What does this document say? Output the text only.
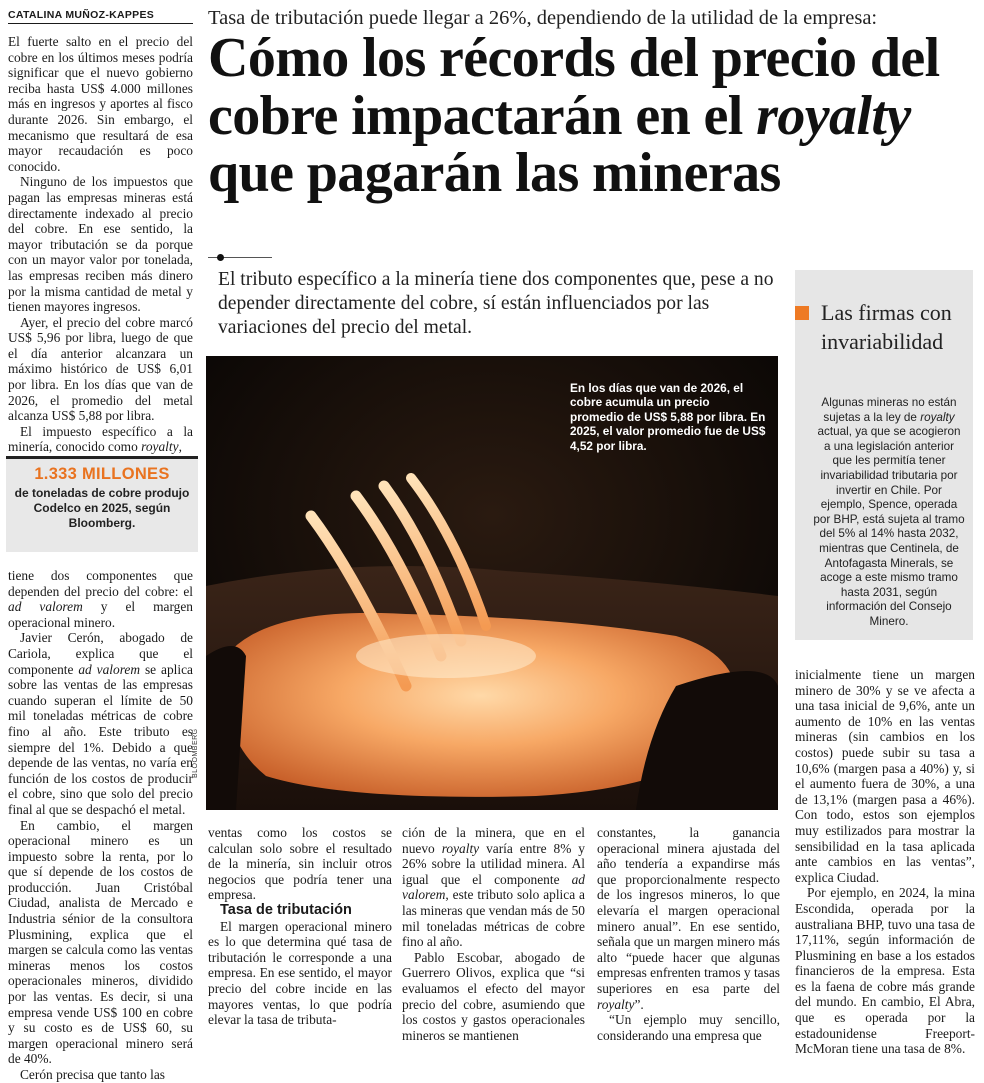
CATALINA MUÑOZ-KAPPES	Tasa de tributación puede llegar a 26%, dependiendo de la utilidad de la empresa:
Cómo los récords del precio del
cobre impactarán en el royalty
que pagarán las mineras
El tributo específico a la minería tiene dos componentes que, pese a no depender directamente del cobre, sí están influenciados por las variaciones del precio del metal.

El fuerte salto en el precio del cobre en los últimos meses podría significar que el nuevo gobierno reciba hasta US$ 4.000 millones más en ingresos y aportes al fisco durante 2026. Sin embargo, el mecanismo que resultará de esa mayor recaudación es poco conocido.

Ninguno de los impuestos que pagan las empresas mineras está directamente indexado al precio del cobre. En ese sentido, la mayor tributación se da porque con un mayor valor por tonelada, las empresas reciben más dinero por la misma cantidad de metal y tienen mayores ingresos.

Ayer, el precio del cobre marcó US$ 5,96 por libra, luego de que el día anterior alcanzara un máximo histórico de US$ 6,01 por libra. En los días que van de 2026, el promedio del metal alcanza US$ 5,88 por libra.

El impuesto específico a la minería, conocido como royalty,

1.333 MILLONES
de toneladas de cobre produjo Codelco en 2025, según Bloomberg.

tiene dos componentes que dependen del precio del cobre: el ad valorem y el margen operacional minero.

Javier Cerón, abogado de Cariola, explica que el componente ad valorem se aplica sobre las ventas de las empresas cuando superan el límite de 50 mil toneladas métricas de cobre fino al año. Este tributo es siempre del 1%. Debido a que depende de las ventas, no varía en función de los costos de producir el cobre, sino que solo del precio final al que se despachó el metal.

En cambio, el margen operacional minero es un impuesto sobre la renta, por lo que sí depende de los costos de producción. Juan Cristóbal Ciudad, analista de Mercado e Industria sénior de la consultora Plusmining, explica que el margen se calcula como las ventas mineras menos los costos operacionales mineros, dividido por las ventas. Es decir, si una empresa vende US$ 100 en cobre y su costo es de US$ 60, su margen operacional minero será de 40%.

Cerón precisa que tanto las

En los días que van de 2026, el cobre acumula un precio promedio de US$ 5,88 por libra. En 2025, el valor promedio fue de US$ 4,52 por libra.
BLOOMBERG

ventas como los costos se calculan solo sobre el resultado de la minería, sin incluir otros negocios que podría tener una empresa.

Tasa de tributación

El margen operacional minero es lo que determina qué tasa de tributación le corresponde a una empresa. En ese sentido, el mayor precio del cobre incide en las mayores ventas, lo que podría elevar la tasa de tributa-

ción de la minera, que en el nuevo royalty varía entre 8% y 26% sobre la utilidad minera. Al igual que el componente ad valorem, este tributo solo aplica a las mineras que vendan más de 50 mil toneladas métricas de cobre fino al año.

Pablo Escobar, abogado de Guerrero Olivos, explica que “si evaluamos el efecto del mayor precio del cobre, asumiendo que los costos y gastos operacionales mineros se mantienen

constantes, la ganancia operacional minera ajustada del año tendería a expandirse más que proporcionalmente respecto de los ingresos mineros, lo que elevaría el margen operacional minero anual”. En ese sentido, señala que un margen minero más alto “puede hacer que algunas empresas enfrenten tramos y tasas superiores en esa parte del royalty”.

“Un ejemplo muy sencillo, considerando una empresa que

Las firmas con invariabilidad
Algunas mineras no están sujetas a la ley de royalty actual, ya que se acogieron a una legislación anterior que les permitía tener invariabilidad tributaria por invertir en Chile. Por ejemplo, Spence, operada por BHP, está sujeta al tramo del 5% al 14% hasta 2032, mientras que Centinela, de Antofagasta Minerals, se acoge a este mismo tramo hasta 2031, según información del Consejo Minero.

inicialmente tiene un margen minero de 30% y se ve afecta a una tasa inicial de 9,6%, ante un aumento de 10% en las ventas mineras (sin cambios en los costos) puede subir su tasa a 10,6% (margen pasa a 40%) y, si el aumento fuera de 30%, a una de 13,1% (margen pasa a 46%). Con todo, estos son ejemplos muy estilizados para mostrar la sensibilidad en la tasa aplicada ante cambios en las ventas”, explica Ciudad.

Por ejemplo, en 2024, la mina Escondida, operada por la australiana BHP, tuvo una tasa de 17,11%, según información de Plusmining en base a los estados financieros de la empresa. Esta es la faena de cobre más grande del mundo. En cambio, El Abra, que es operada por la estadounidense Freeport-McMoran tiene una tasa de 8%.
